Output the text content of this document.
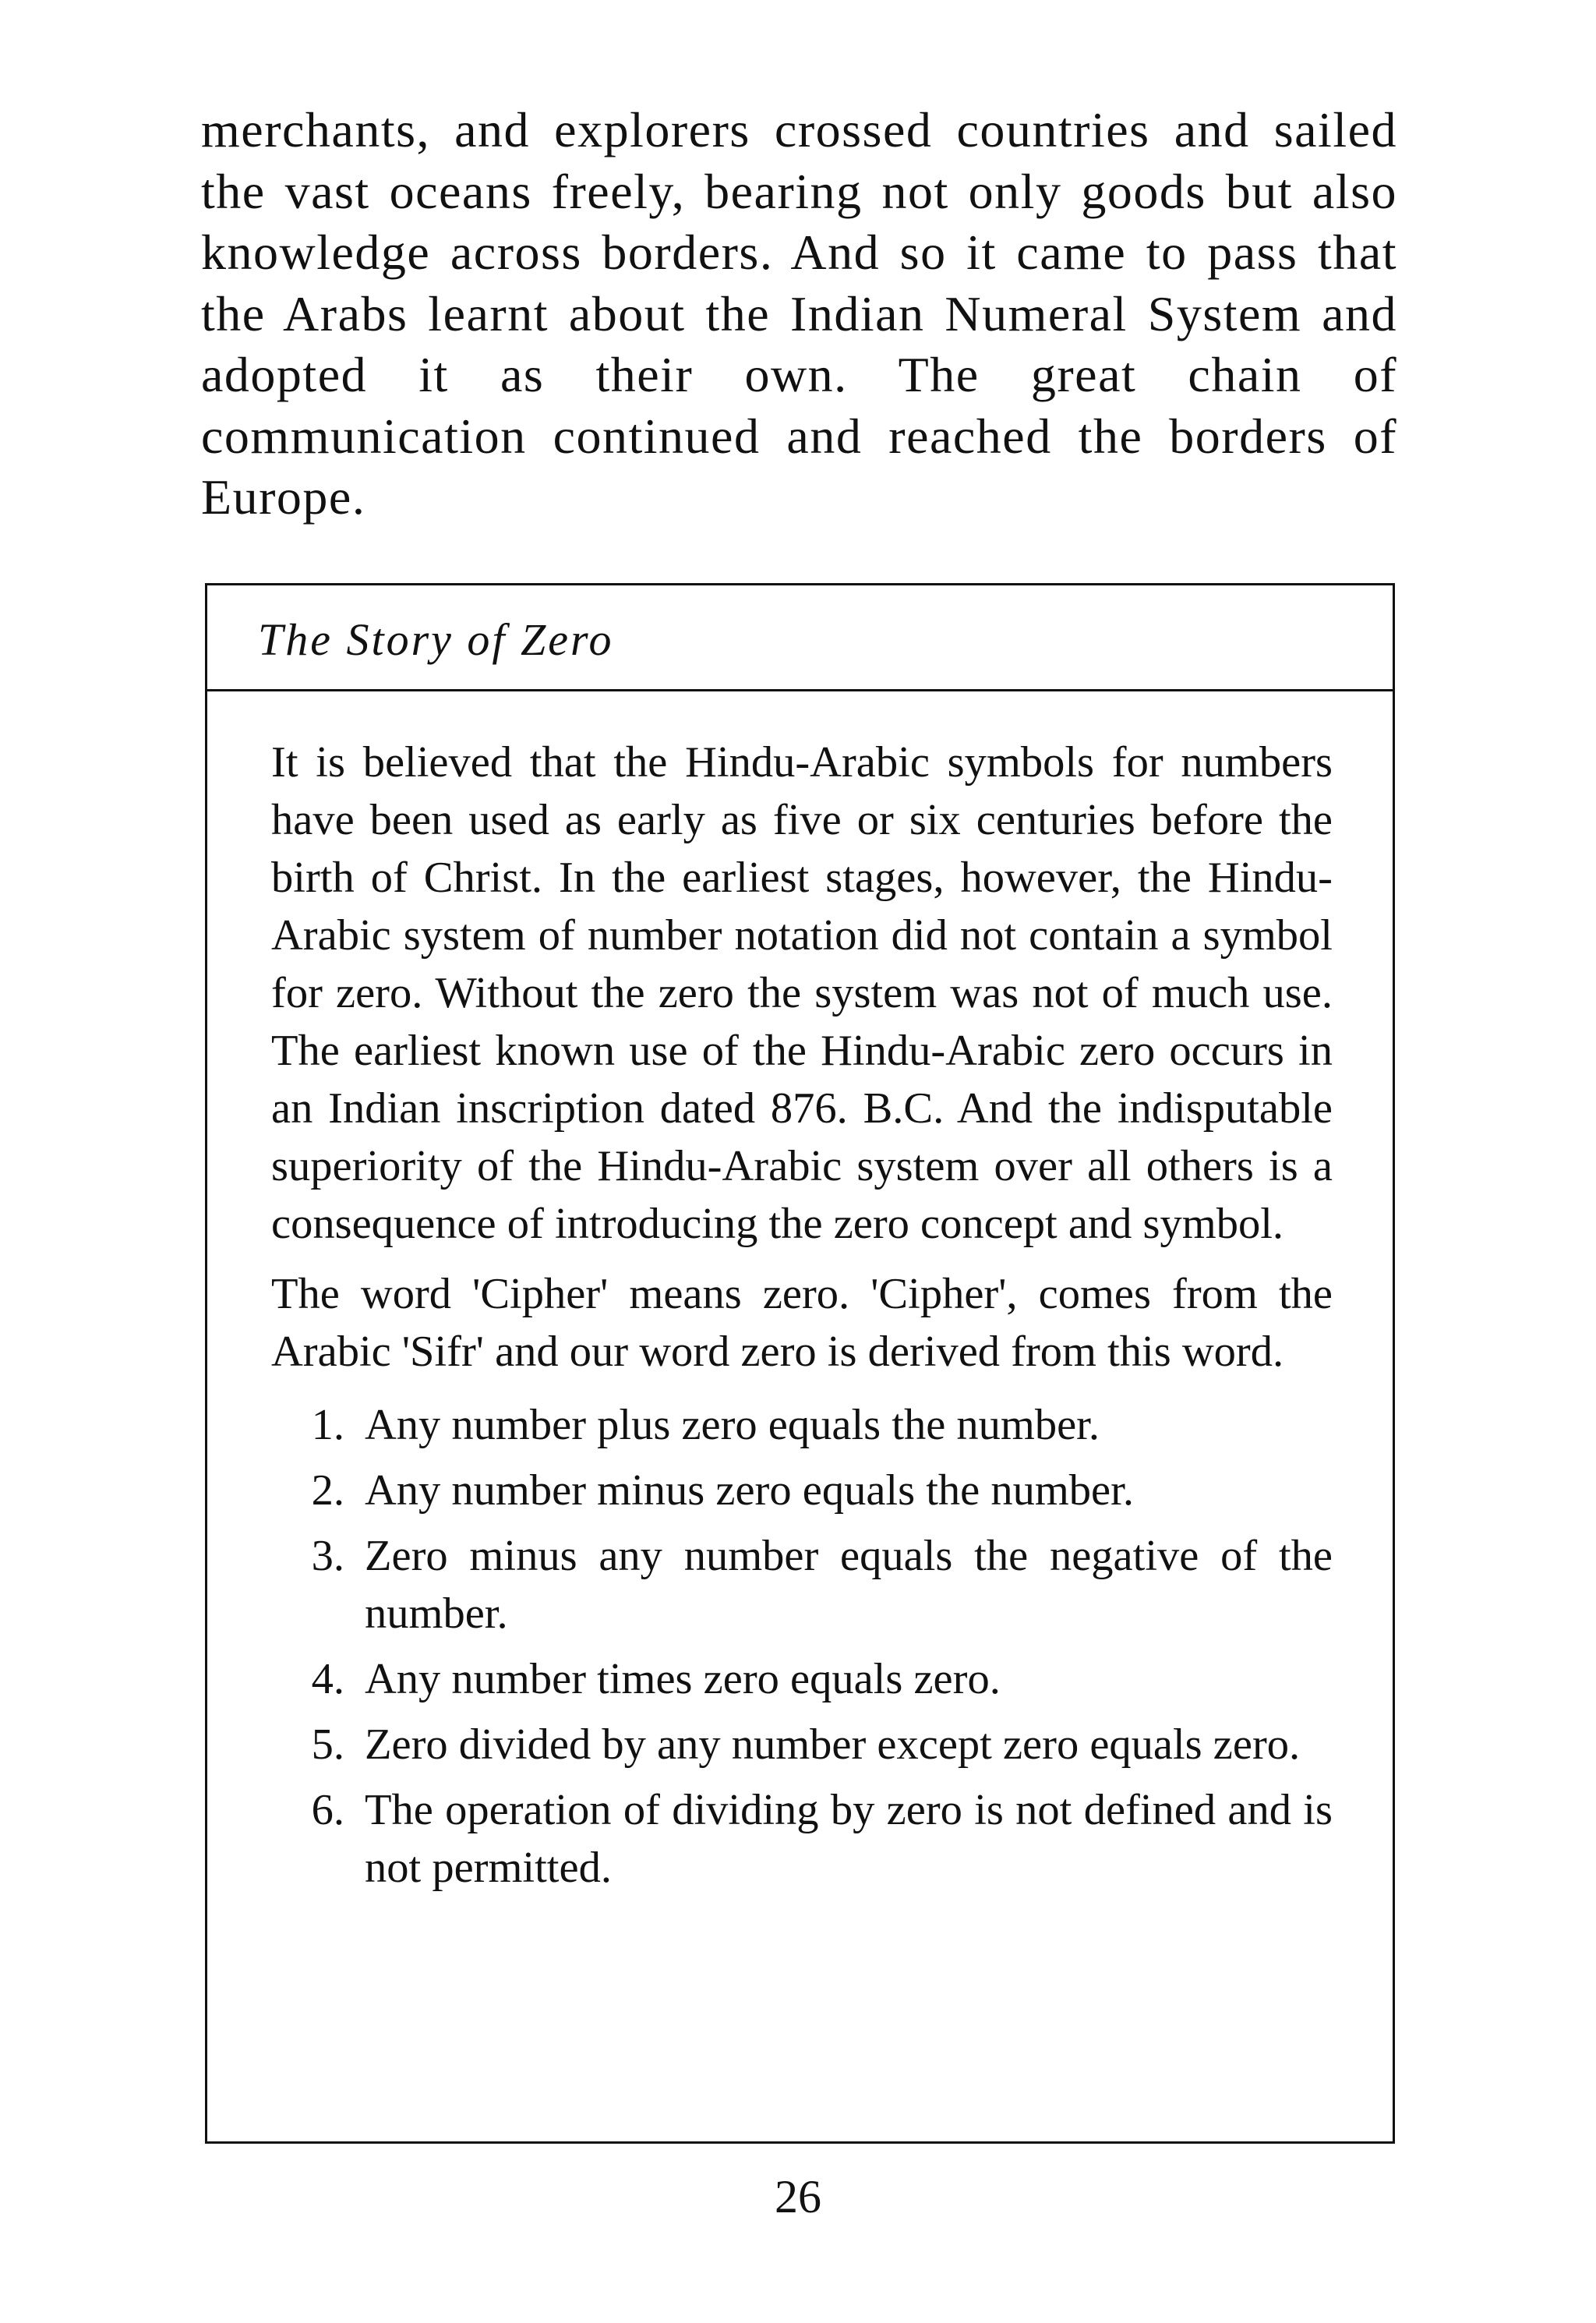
merchants, and explorers crossed countries and sailed the vast oceans freely, bearing not only goods but also knowledge across borders. And so it came to pass that the Arabs learnt about the Indian Numeral System and adopted it as their own. The great chain of communication continued and reached the borders of Europe.

The Story of Zero

It is believed that the Hindu-Arabic symbols for numbers have been used as early as five or six centuries before the birth of Christ. In the earliest stages, however, the Hindu-Arabic system of number notation did not contain a symbol for zero. Without the zero the system was not of much use. The earliest known use of the Hindu-Arabic zero occurs in an Indian inscription dated 876. B.C. And the indisputable superiority of the Hindu-Arabic system over all others is a consequence of introducing the zero concept and symbol.

The word 'Cipher' means zero. 'Cipher', comes from the Arabic 'Sifr' and our word zero is derived from this word.

1. Any number plus zero equals the number.
2. Any number minus zero equals the number.
3. Zero minus any number equals the negative of the number.
4. Any number times zero equals zero.
5. Zero divided by any number except zero equals zero.
6. The operation of dividing by zero is not defined and is not permitted.

26
